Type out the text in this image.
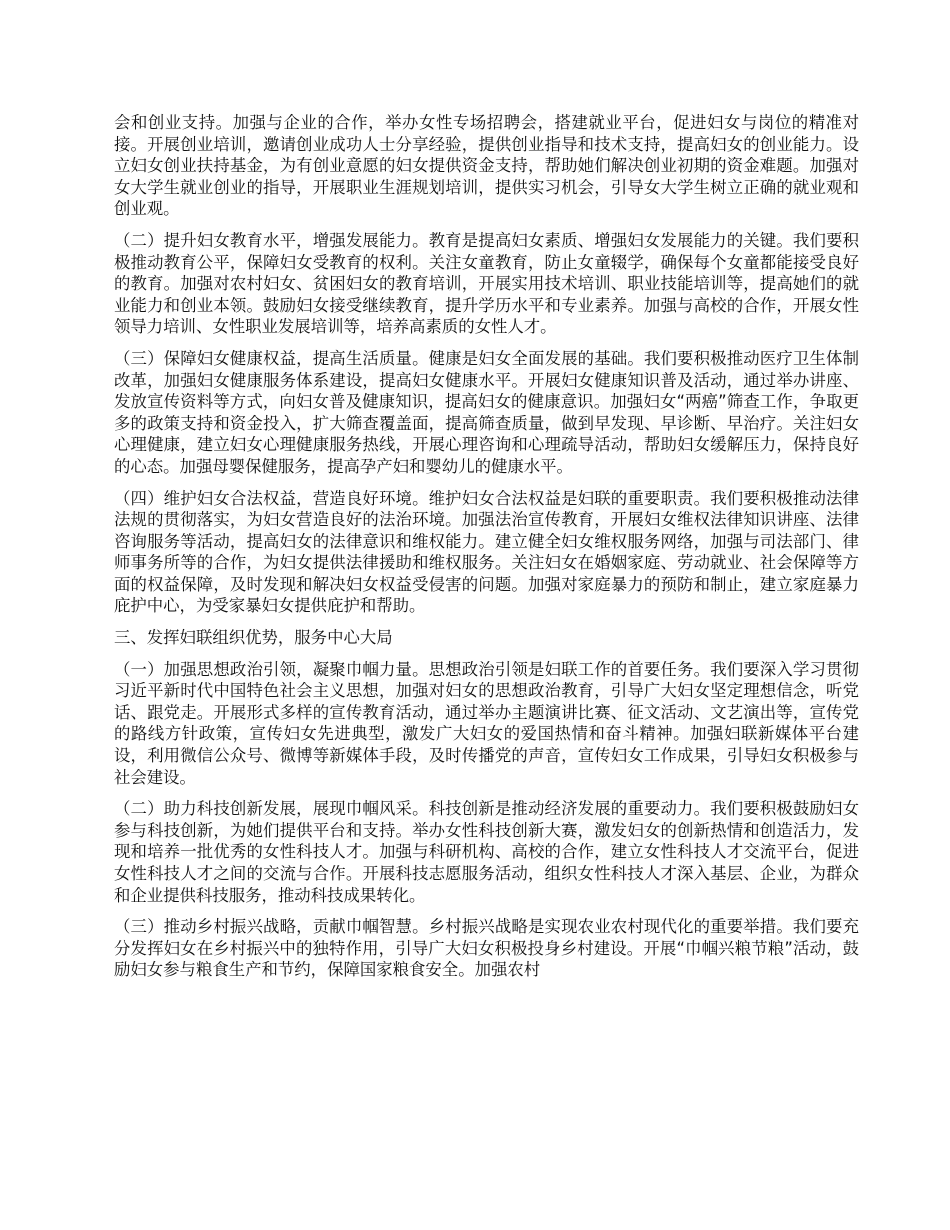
会和创业支持。加强与企业的合作，举办女性专场招聘会，搭建就业平台，促进妇女与岗位的精准对接。开展创业培训，邀请创业成功人士分享经验，提供创业指导和技术支持，提高妇女的创业能力。设立妇女创业扶持基金，为有创业意愿的妇女提供资金支持，帮助她们解决创业初期的资金难题。加强对女大学生就业创业的指导，开展职业生涯规划培训，提供实习机会，引导女大学生树立正确的就业观和创业观。

（二）提升妇女教育水平，增强发展能力。教育是提高妇女素质、增强妇女发展能力的关键。我们要积极推动教育公平，保障妇女受教育的权利。关注女童教育，防止女童辍学，确保每个女童都能接受良好的教育。加强对农村妇女、贫困妇女的教育培训，开展实用技术培训、职业技能培训等，提高她们的就业能力和创业本领。鼓励妇女接受继续教育，提升学历水平和专业素养。加强与高校的合作，开展女性领导力培训、女性职业发展培训等，培养高素质的女性人才。

（三）保障妇女健康权益，提高生活质量。健康是妇女全面发展的基础。我们要积极推动医疗卫生体制改革，加强妇女健康服务体系建设，提高妇女健康水平。开展妇女健康知识普及活动，通过举办讲座、发放宣传资料等方式，向妇女普及健康知识，提高妇女的健康意识。加强妇女“两癌”筛查工作，争取更多的政策支持和资金投入，扩大筛查覆盖面，提高筛查质量，做到早发现、早诊断、早治疗。关注妇女心理健康，建立妇女心理健康服务热线，开展心理咨询和心理疏导活动，帮助妇女缓解压力，保持良好的心态。加强母婴保健服务，提高孕产妇和婴幼儿的健康水平。

（四）维护妇女合法权益，营造良好环境。维护妇女合法权益是妇联的重要职责。我们要积极推动法律法规的贯彻落实，为妇女营造良好的法治环境。加强法治宣传教育，开展妇女维权法律知识讲座、法律咨询服务等活动，提高妇女的法律意识和维权能力。建立健全妇女维权服务网络，加强与司法部门、律师事务所等的合作，为妇女提供法律援助和维权服务。关注妇女在婚姻家庭、劳动就业、社会保障等方面的权益保障，及时发现和解决妇女权益受侵害的问题。加强对家庭暴力的预防和制止，建立家庭暴力庇护中心，为受家暴妇女提供庇护和帮助。

三、发挥妇联组织优势，服务中心大局

（一）加强思想政治引领，凝聚巾帼力量。思想政治引领是妇联工作的首要任务。我们要深入学习贯彻习近平新时代中国特色社会主义思想，加强对妇女的思想政治教育，引导广大妇女坚定理想信念，听党话、跟党走。开展形式多样的宣传教育活动，通过举办主题演讲比赛、征文活动、文艺演出等，宣传党的路线方针政策，宣传妇女先进典型，激发广大妇女的爱国热情和奋斗精神。加强妇联新媒体平台建设，利用微信公众号、微博等新媒体手段，及时传播党的声音，宣传妇女工作成果，引导妇女积极参与社会建设。

（二）助力科技创新发展，展现巾帼风采。科技创新是推动经济发展的重要动力。我们要积极鼓励妇女参与科技创新，为她们提供平台和支持。举办女性科技创新大赛，激发妇女的创新热情和创造活力，发现和培养一批优秀的女性科技人才。加强与科研机构、高校的合作，建立女性科技人才交流平台，促进女性科技人才之间的交流与合作。开展科技志愿服务活动，组织女性科技人才深入基层、企业，为群众和企业提供科技服务，推动科技成果转化。

（三）推动乡村振兴战略，贡献巾帼智慧。乡村振兴战略是实现农业农村现代化的重要举措。我们要充分发挥妇女在乡村振兴中的独特作用，引导广大妇女积极投身乡村建设。开展“巾帼兴粮节粮”活动，鼓励妇女参与粮食生产和节约，保障国家粮食安全。加强农村
